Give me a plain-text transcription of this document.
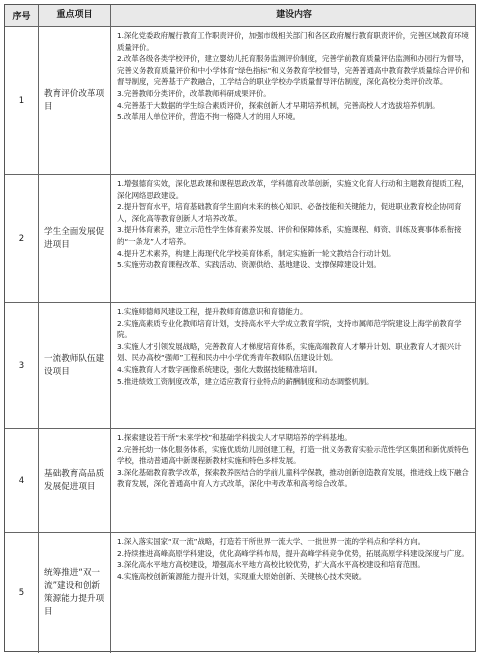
序号	重点项目	建设内容
1
教育评价改革项目
1.深化党委政府履行教育工作职责评价，加强市级相关部门和各区政府履行教育职责评价，完善区域教育环境质量评价。
2.改革各级各类学校评价，建立婴幼儿托育服务监测评价制度，完善学前教育质量评估监测和办园行为督导，完善义务教育质量评价和中小学体育“绿色指标”和义务教育学校督导，完善普通高中教育教学质量综合评价和督导制度，完善基于产教融合，工学结合的职业学校办学质量督导评估制度，深化高校分类评价改革。
3.完善教师分类评价，改革教师科研成果评价。
4.完善基于大数据的学生综合素质评价，探索创新人才早期培养机制，完善高校人才选拔培养机制。
5.改革用人单位评价，营造不拘一格降人才的用人环境。
2
学生全面发展促进项目
1.增强德育实效，深化思政课和课程思政改革，学科德育改革创新，实施文化育人行动和主题教育提质工程，深化网络思政建设。
2.提升智育水平，培育基础教育学生面向未来的核心知识、必备技能和关键能力，促进职业教育校企协同育人，深化高等教育创新人才培养改革。
3.提升体育素养，建立示范性学生体育素养发展、评价和保障体系，实施课程、师资、训练及赛事体系衔接的“一条龙”人才培养。
4.提升艺术素养，构建上海现代化学校美育体系，制定实施新一轮文教结合行动计划。
5.实施劳动教育课程改革、实践活动、资源供给、基地建设、支撑保障建设计划。
3
一流教师队伍建设项目
1.实施师德师风建设工程，提升教师育德意识和育德能力。
2.实施高素质专业化教师培育计划，支持高水平大学成立教育学院，支持市属师范学院建设上海学前教育学院。
3.实施人才引领发展战略，完善教育人才梯度培育体系，实施高端教育人才攀升计划、职业教育人才振兴计划、民办高校“强师”工程和民办中小学优秀青年教师队伍建设计划。
4.实施教育人才数字画像系统建设，强化大数据技能精准培训。
5.推进绩效工资制度改革，建立适应教育行业特点的薪酬制度和动态调整机制。
4
基础教育高品质发展促进项目
1.探索建设若干所“未来学校”和基础学科拔尖人才早期培养的学科基地。
2.完善托幼一体化服务体系，实施优质幼儿园创建工程，打造一批义务教育实验示范性学区集团和新优质特色学校，推动普通高中新课程新教材实施和特色多样发展。
3.深化基础教育教学改革，探索教养医结合的学前儿童科学保教，推动创新创造教育发展，推进线上线下融合教育发展，深化普通高中育人方式改革，深化中考改革和高考综合改革。
5
统筹推进“双一流”建设和创新策源能力提升项目
1.深入落实国家“双一流”战略，打造若干所世界一流大学、一批世界一流的学科点和学科方向。
2.持续推进高峰高原学科建设，优化高峰学科布局，提升高峰学科竞争优势，拓展高原学科建设深度与广度。
3.深化高水平地方高校建设，增强高水平地方高校比较优势，扩大高水平高校建设和培育范围。
4.实施高校创新策源能力提升计划，实现重大原始创新、关键核心技术突破。
